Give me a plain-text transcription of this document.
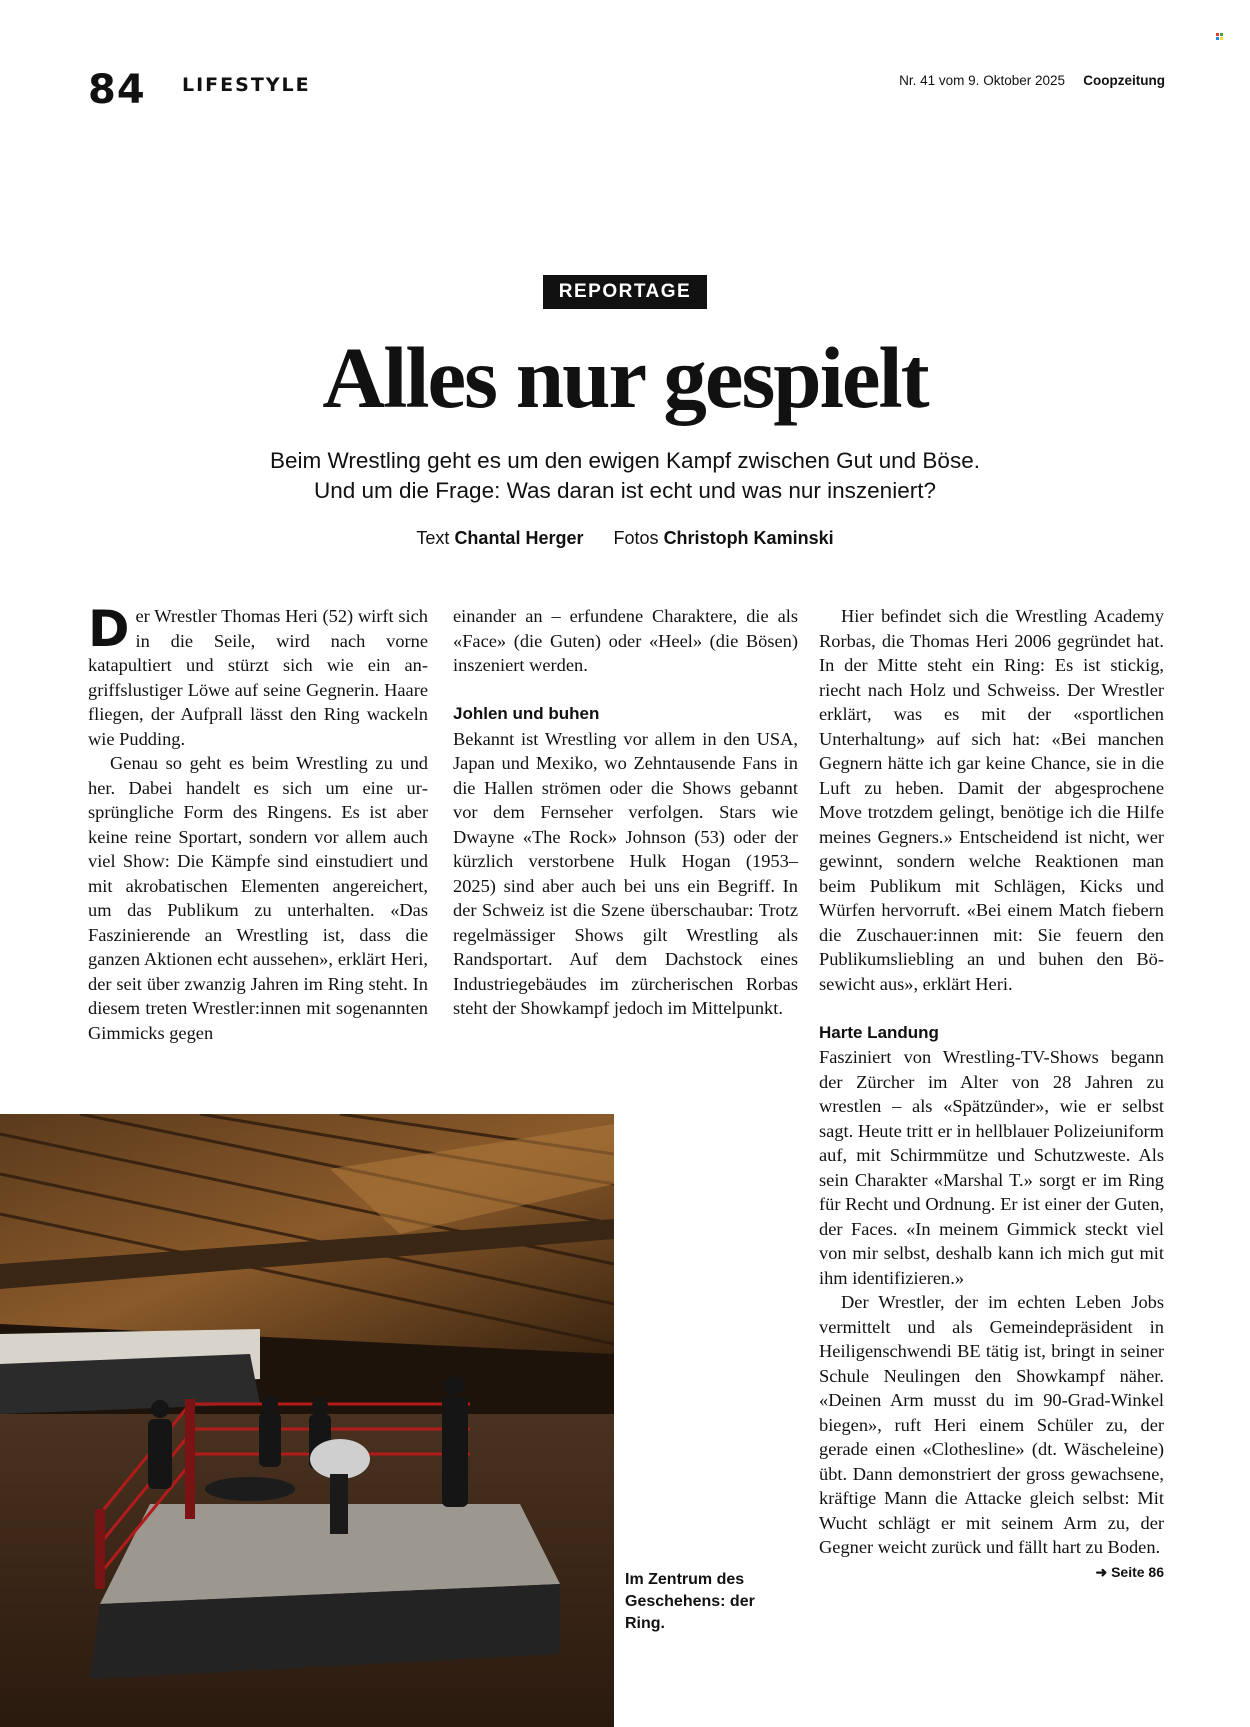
84 LIFESTYLE	Nr. 41 vom 9. Oktober 2025 Coopzeitung
REPORTAGE
Alles nur gespielt
Beim Wrestling geht es um den ewigen Kampf zwischen Gut und Böse.
Und um die Frage: Was daran ist echt und was nur inszeniert?
Text Chantal Herger Fotos Christoph Kaminski

Der Wrestler Thomas Heri (52) wirft sich in die Seile, wird nach vorne katapultiert und stürzt sich wie ein angriffslustiger Löwe auf seine Gegnerin. Haare fliegen, der Aufprall lässt den Ring wackeln wie Pudding.

Genau so geht es beim Wrestling zu und her. Dabei handelt es sich um eine ursprüngliche Form des Ringens. Es ist aber keine reine Sportart, sondern vor allem auch viel Show: Die Kämpfe sind einstudiert und mit akrobatischen Elementen angereichert, um das Publikum zu unterhalten. «Das Faszinierende an Wrestling ist, dass die ganzen Aktionen echt aussehen», erklärt Heri, der seit über zwanzig Jahren im Ring steht. In diesem treten Wrestler:innen mit sogenannten Gimmicks gegen

einander an – erfundene Charaktere, die als «Face» (die Guten) oder «Heel» (die Bösen) inszeniert werden.

Johlen und buhen

Bekannt ist Wrestling vor allem in den USA, Japan und Mexiko, wo Zehntausende Fans in die Hallen strömen oder die Shows gebannt vor dem Fernseher verfolgen. Stars wie Dwayne «The Rock» Johnson (53) oder der kürzlich verstorbene Hulk Hogan (1953–2025) sind aber auch bei uns ein Begriff. In der Schweiz ist die Szene überschaubar: Trotz regelmässiger Shows gilt Wrestling als Randsportart. Auf dem Dachstock eines Industriegebäudes im zürcherischen Rorbas steht der Showkampf jedoch im Mittelpunkt.

Hier befindet sich die Wrestling Academy Rorbas, die Thomas Heri 2006 gegründet hat. In der Mitte steht ein Ring: Es ist stickig, riecht nach Holz und Schweiss. Der Wrestler erklärt, was es mit der «sportlichen Unterhaltung» auf sich hat: «Bei manchen Gegnern hätte ich gar keine Chance, sie in die Luft zu heben. Damit der abgesprochene Move trotzdem gelingt, benötige ich die Hilfe meines Gegners.» Entscheidend ist nicht, wer gewinnt, sondern welche Reaktionen man beim Publikum mit Schlägen, Kicks und Würfen hervorruft. «Bei einem Match fiebern die Zuschauer:innen mit: Sie feuern den Publikumsliebling an und buhen den Bösewicht aus», erklärt Heri.

Harte Landung

Fasziniert von Wrestling-TV-Shows begann der Zürcher im Alter von 28 Jahren zu wrestlen – als «Spätzünder», wie er selbst sagt. Heute tritt er in hellblauer Polizeiuniform auf, mit Schirmmütze und Schutzweste. Als sein Charakter «Marshal T.» sorgt er im Ring für Recht und Ordnung. Er ist einer der Guten, der Faces. «In meinem Gimmick steckt viel von mir selbst, deshalb kann ich mich gut mit ihm identifizieren.»

Der Wrestler, der im echten Leben Jobs vermittelt und als Gemeindepräsident in Heiligenschwendi BE tätig ist, bringt in seiner Schule Neulingen den Showkampf näher. «Deinen Arm musst du im 90-Grad-Winkel biegen», ruft Heri einem Schüler zu, der gerade einen «Clothesline» (dt. Wäscheleine) übt. Dann demonstriert der gross gewachsene, kräftige Mann die Attacke gleich selbst: Mit Wucht schlägt er mit seinem Arm zu, der Gegner weicht zurück und fällt hart zu Boden.
➜ Seite 86

Im Zentrum des Geschehens: der Ring.
